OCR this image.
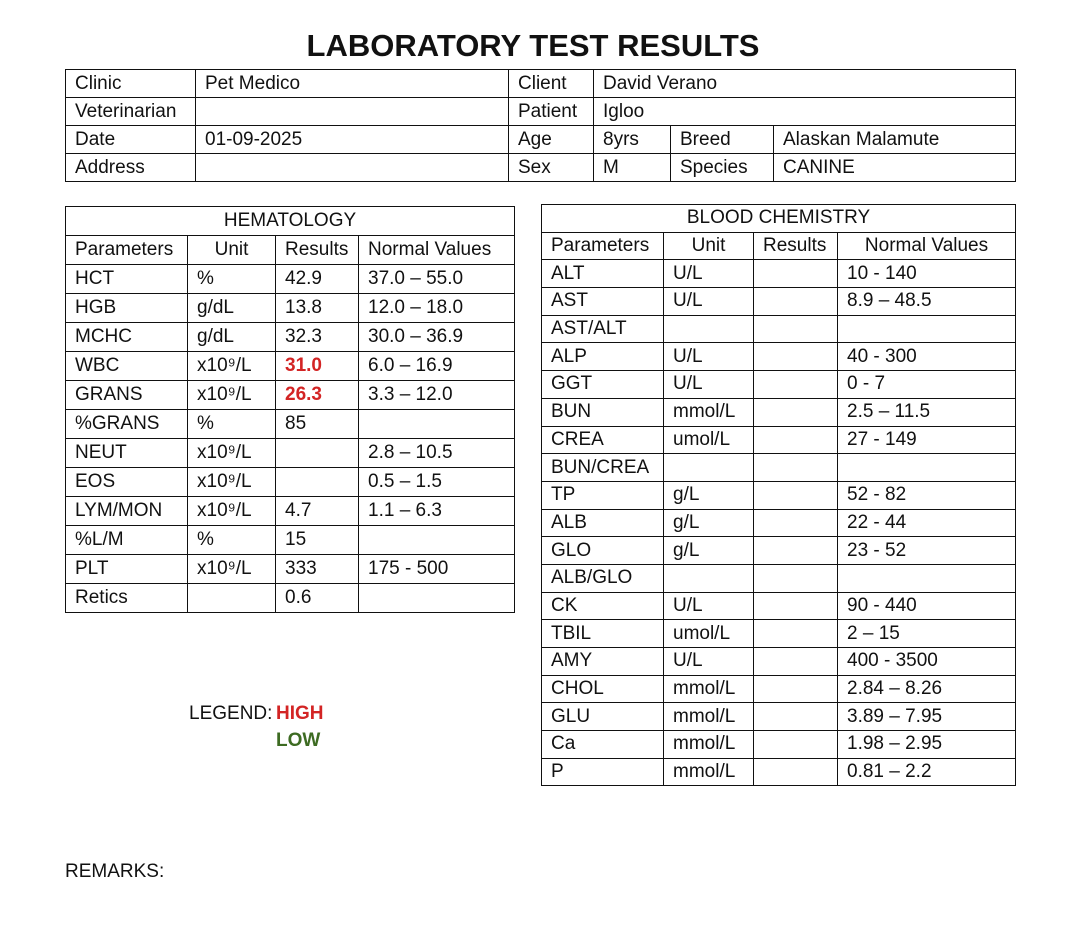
LABORATORY TEST RESULTS
Clinic	Pet Medico	Client	David Verano		
Veterinarian		Patient	Igloo		
Date	01-09-2025	Age	8yrs	Breed	Alaskan Malamute
Address		Sex	M	Species	CANINE
HEMATOLOGY			
Parameters	Unit	Results	Normal Values
HCT	%	42.9	37.0 – 55.0
HGB	g/dL	13.8	12.0 – 18.0
MCHC	g/dL	32.3	30.0 – 36.9
WBC	x10⁹/L	31.0	6.0 – 16.9
GRANS	x10⁹/L	26.3	3.3 – 12.0
%GRANS	%	85	
NEUT	x10⁹/L		2.8 – 10.5
EOS	x10⁹/L		0.5 – 1.5
LYM/MON	x10⁹/L	4.7	1.1 – 6.3
%L/M	%	15	
PLT	x10⁹/L	333	175 - 500
Retics		0.6	
BLOOD CHEMISTRY			
Parameters	Unit	Results	Normal Values
ALT	U/L		10 - 140
AST	U/L		8.9 – 48.5
AST/ALT			
ALP	U/L		40 - 300
GGT	U/L		0 - 7
BUN	mmol/L		2.5 – 11.5
CREA	umol/L		27 - 149
BUN/CREA			
TP	g/L		52 - 82
ALB	g/L		22 - 44
GLO	g/L		23 - 52
ALB/GLO			
CK	U/L		90 - 440
TBIL	umol/L		2 – 15
AMY	U/L		400 - 3500
CHOL	mmol/L		2.84 – 8.26
GLU	mmol/L		3.89 – 7.95
Ca	mmol/L		1.98 – 2.95
P	mmol/L		0.81 – 2.2
LEGEND: HIGH
LOW
REMARKS:
